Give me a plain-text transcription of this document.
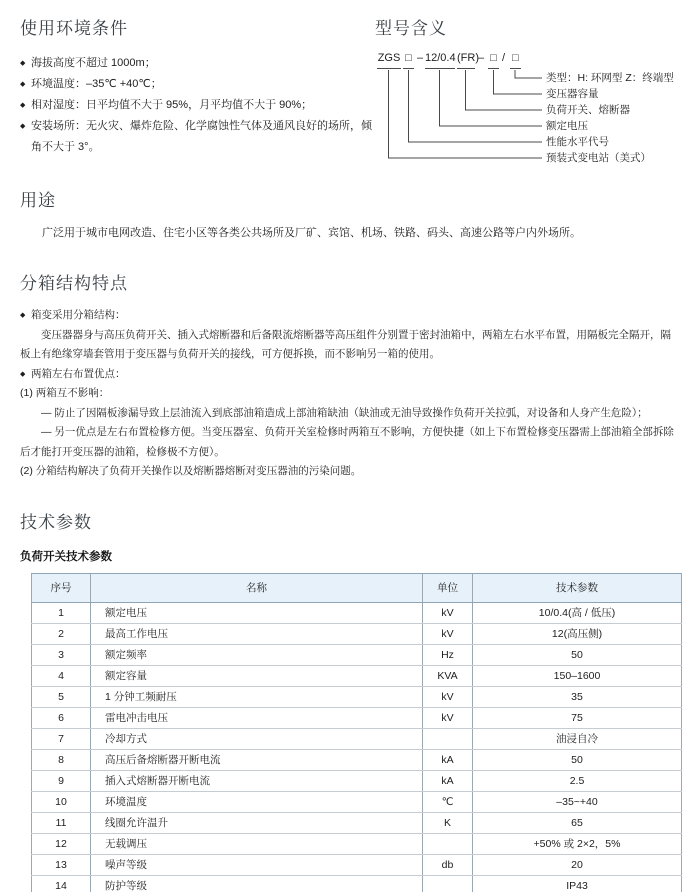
使用环境条件
◆ 海拔高度不超过 1000m；
◆ 环境温度：–35℃ +40℃；
◆ 相对湿度：日平均值不大于 95%，月平均值不大于 90%；
◆ 安装场所：无火灾、爆炸危险、化学腐蚀性气体及通风良好的场所，倾角不大于 3°。
型号含义
ZGS □ – 12/0.4 (FR)
– □ / □
类型：H: 环网型 Z：终端型
变压器容量
负荷开关、熔断器
额定电压
性能水平代号
预装式变电站（美式）
用途
广泛用于城市电网改造、住宅小区等各类公共场所及厂矿、宾馆、机场、铁路、码头、高速公路等户内外场所。
分箱结构特点
◆ 箱变采用分箱结构：
变压器器身与高压负荷开关、插入式熔断器和后备限流熔断器等高压组件分别置于密封油箱中，两箱左右水平布置，用隔板完全隔开，隔板上有绝缘穿墙套管用于变压器与负荷开关的接线，可方便拆换，而不影响另一箱的使用。
◆ 两箱左右布置优点：
(1) 两箱互不影响：
— 防止了因隔板渗漏导致上层油流入到底部油箱造成上部油箱缺油（缺油或无油导致操作负荷开关拉弧，对设备和人身产生危险）；
— 另一优点是左右布置检修方便。当变压器室、负荷开关室检修时两箱互不影响，方便快捷（如上下布置检修变压器需上部油箱全部拆除后才能打开变压器的油箱，检修极不方便）。
(2) 分箱结构解决了负荷开关操作以及熔断器熔断对变压器油的污染问题。
技术参数
负荷开关技术参数
序号	名称	单位	技术参数
1	额定电压	kV	10/0.4(高 / 低压)
2	最高工作电压	kV	12(高压侧)
3	额定频率	Hz	50
4	额定容量	KVA	150–1600
5	1 分钟工频耐压	kV	35
6	雷电冲击电压	kV	75
7	冷却方式		油浸自冷
8	高压后备熔断器开断电流	kA	50
9	插入式熔断器开断电流	kA	2.5
10	环境温度	℃	–35~+40
11	线圈允许温升	K	65
12	无载调压		+50% 或 2×2，5%
13	噪声等级	db	20
14	防护等级		IP43
